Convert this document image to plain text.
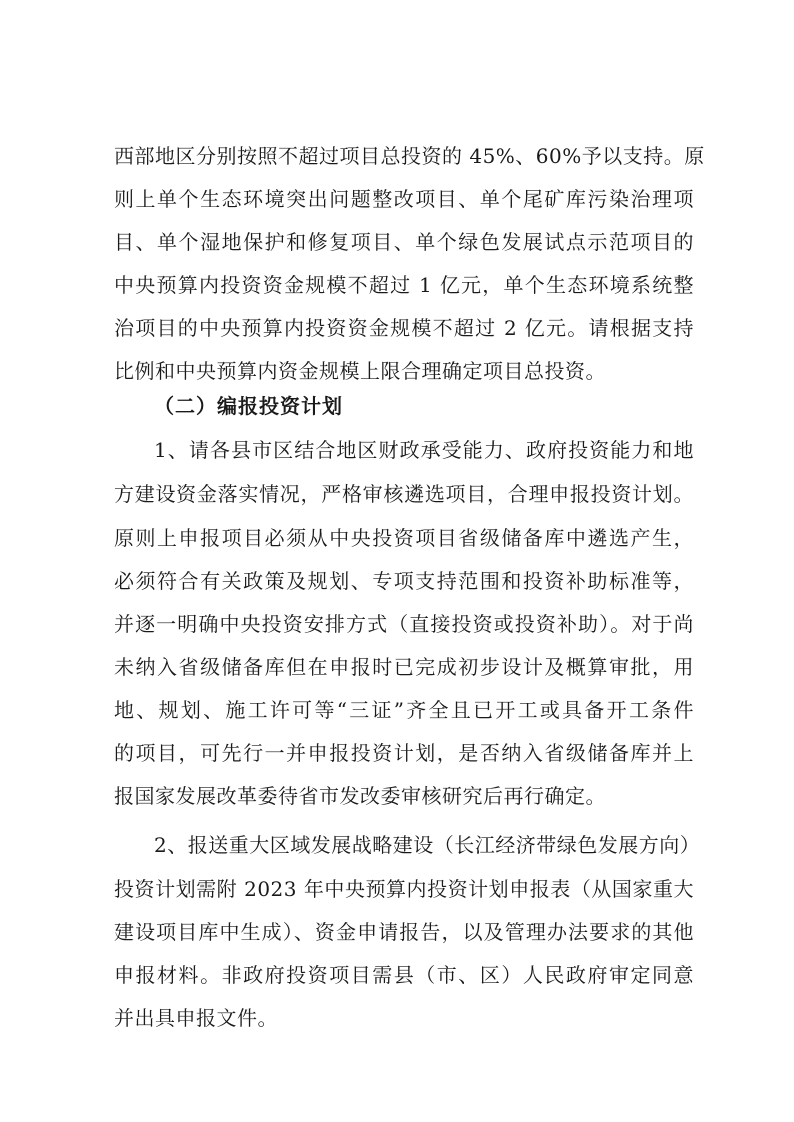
西部地区分别按照不超过项目总投资的 45%、60%予以支持。原
则上单个生态环境突出问题整改项目、单个尾矿库污染治理项
目、单个湿地保护和修复项目、单个绿色发展试点示范项目的
中央预算内投资资金规模不超过 1 亿元，单个生态环境系统整
治项目的中央预算内投资资金规模不超过 2 亿元。请根据支持
比例和中央预算内资金规模上限合理确定项目总投资。
（二）编报投资计划
1、请各县市区结合地区财政承受能力、政府投资能力和地
方建设资金落实情况，严格审核遴选项目，合理申报投资计划。
原则上申报项目必须从中央投资项目省级储备库中遴选产生，
必须符合有关政策及规划、专项支持范围和投资补助标准等，
并逐一明确中央投资安排方式（直接投资或投资补助）。对于尚
未纳入省级储备库但在申报时已完成初步设计及概算审批，用
地、规划、施工许可等“三证”齐全且已开工或具备开工条件
的项目，可先行一并申报投资计划，是否纳入省级储备库并上
报国家发展改革委待省市发改委审核研究后再行确定。
2、报送重大区域发展战略建设（长江经济带绿色发展方向）
投资计划需附 2023 年中央预算内投资计划申报表（从国家重大
建设项目库中生成）、资金申请报告，以及管理办法要求的其他
申报材料。非政府投资项目需县（市、区）人民政府审定同意
并出具申报文件。
